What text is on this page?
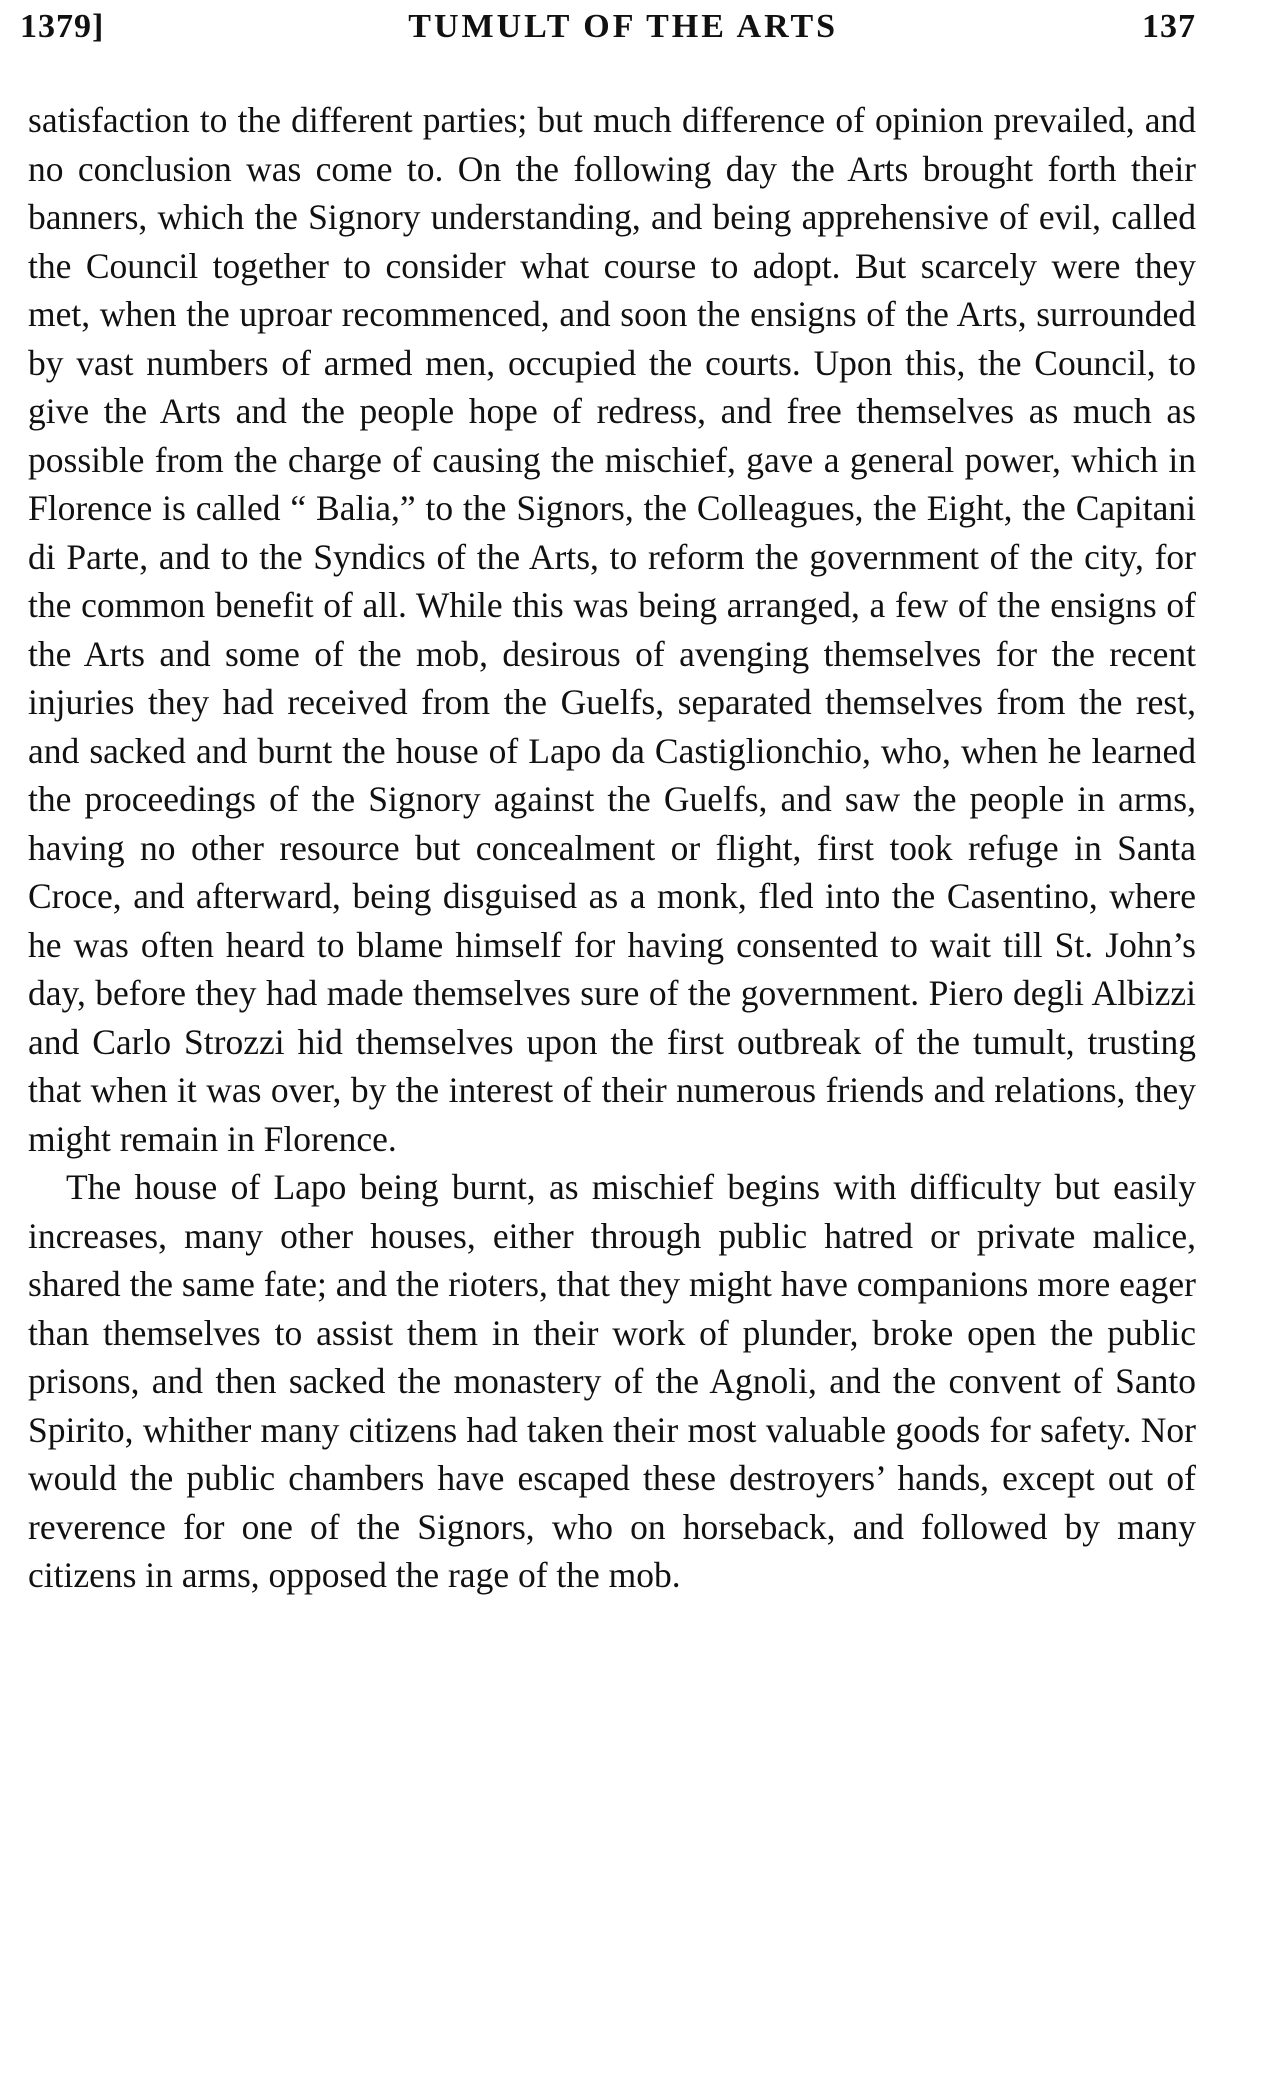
1379]	TUMULT OF THE ARTS	137

satisfaction to the different parties; but much difference of opinion prevailed, and no conclusion was come to. On the following day the Arts brought forth their banners, which the Signory understanding, and being apprehensive of evil, called the Council together to consider what course to adopt. But scarcely were they met, when the uproar recommenced, and soon the ensigns of the Arts, surrounded by vast numbers of armed men, occupied the courts. Upon this, the Council, to give the Arts and the people hope of redress, and free themselves as much as possible from the charge of causing the mischief, gave a general power, which in Florence is called “ Balia,” to the Signors, the Colleagues, the Eight, the Capitani di Parte, and to the Syndics of the Arts, to reform the government of the city, for the common benefit of all. While this was being arranged, a few of the ensigns of the Arts and some of the mob, desirous of avenging themselves for the recent injuries they had received from the Guelfs, separated themselves from the rest, and sacked and burnt the house of Lapo da Castiglionchio, who, when he learned the proceedings of the Signory against the Guelfs, and saw the people in arms, having no other resource but concealment or flight, first took refuge in Santa Croce, and afterward, being disguised as a monk, fled into the Casentino, where he was often heard to blame himself for having consented to wait till St. John’s day, before they had made themselves sure of the government. Piero degli Albizzi and Carlo Strozzi hid themselves upon the first outbreak of the tumult, trusting that when it was over, by the interest of their numerous friends and relations, they might remain in Florence.

The house of Lapo being burnt, as mischief begins with difficulty but easily increases, many other houses, either through public hatred or private malice, shared the same fate; and the rioters, that they might have companions more eager than themselves to assist them in their work of plunder, broke open the public prisons, and then sacked the monastery of the Agnoli, and the convent of Santo Spirito, whither many citizens had taken their most valuable goods for safety. Nor would the public chambers have escaped these destroyers’ hands, except out of reverence for one of the Signors, who on horseback, and followed by many citizens in arms, opposed the rage of the mob.
